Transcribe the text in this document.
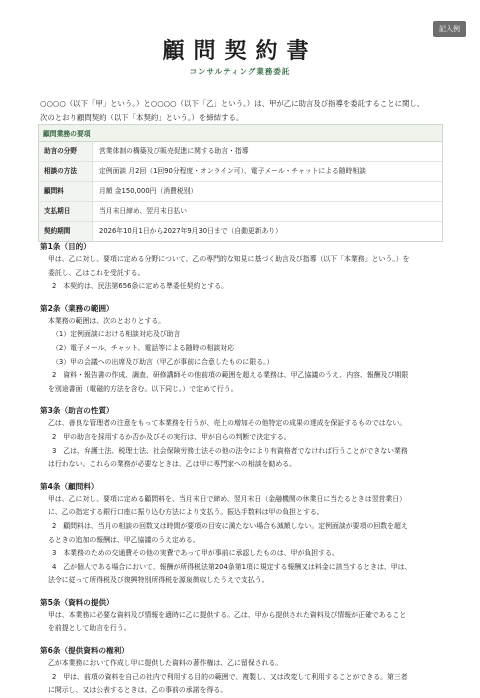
記入例
顧問契約書
コンサルティング業務委託
○○○○（以下「甲」という。）と○○○○（以下「乙」という。）は、甲が乙に助言及び指導を委託することに関し、
次のとおり顧問契約（以下「本契約」という。）を締結する。
顧問業務の要項
助言の分野	営業体制の構築及び販売促進に関する助言・指導
相談の方法	定例面談 月2回（1回90分程度・オンライン可）、電子メール・チャットによる随時相談
顧問料	月額 金150,000円（消費税別）
支払期日	当月末日締め、翌月末日払い
契約期間	2026年10月1日から2027年9月30日まで（自動更新あり）
第1条（目的）
甲は、乙に対し、要項に定める分野について、乙の専門的な知見に基づく助言及び指導（以下「本業務」という。）を
委託し、乙はこれを受託する。
2　本契約は、民法第656条に定める準委任契約とする。
第2条（業務の範囲）
本業務の範囲は、次のとおりとする。
（1）定例面談における相談対応及び助言
（2）電子メール、チャット、電話等による随時の相談対応
（3）甲の会議への出席及び助言（甲乙が事前に合意したものに限る。）
2　資料・報告書の作成、調査、研修講師その他前項の範囲を超える業務は、甲乙協議のうえ、内容、報酬及び期限
を別途書面（電磁的方法を含む。以下同じ。）で定めて行う。
第3条（助言の性質）
乙は、善良な管理者の注意をもって本業務を行うが、売上の増加その他特定の成果の達成を保証するものではない。
2　甲の助言を採用するか否か及びその実行は、甲が自らの判断で決定する。
3　乙は、弁護士法、税理士法、社会保険労務士法その他の法令により有資格者でなければ行うことができない業務
は行わない。これらの業務が必要なときは、乙は甲に専門家への相談を勧める。
第4条（顧問料）
甲は、乙に対し、要項に定める顧問料を、当月末日で締め、翌月末日（金融機関の休業日に当たるときは翌営業日）
に、乙の指定する銀行口座に振り込む方法により支払う。振込手数料は甲の負担とする。
2　顧問料は、当月の相談の回数又は時間が要項の目安に満たない場合も減額しない。定例面談が要項の回数を超え
るときの追加の報酬は、甲乙協議のうえ定める。
3　本業務のための交通費その他の実費であって甲が事前に承認したものは、甲が負担する。
4　乙が個人である場合において、報酬が所得税法第204条第1項に規定する報酬又は料金に該当するときは、甲は、
法令に従って所得税及び復興特別所得税を源泉徴収したうえで支払う。
第5条（資料の提供）
甲は、本業務に必要な資料及び情報を適時に乙に提供する。乙は、甲から提供された資料及び情報が正確であること
を前提として助言を行う。
第6条（提供資料の権利）
乙が本業務において作成し甲に提供した資料の著作権は、乙に留保される。
2　甲は、前項の資料を自己の社内で利用する目的の範囲で、複製し、又は改変して利用することができる。第三者
に開示し、又は公表するときは、乙の事前の承諾を得る。
